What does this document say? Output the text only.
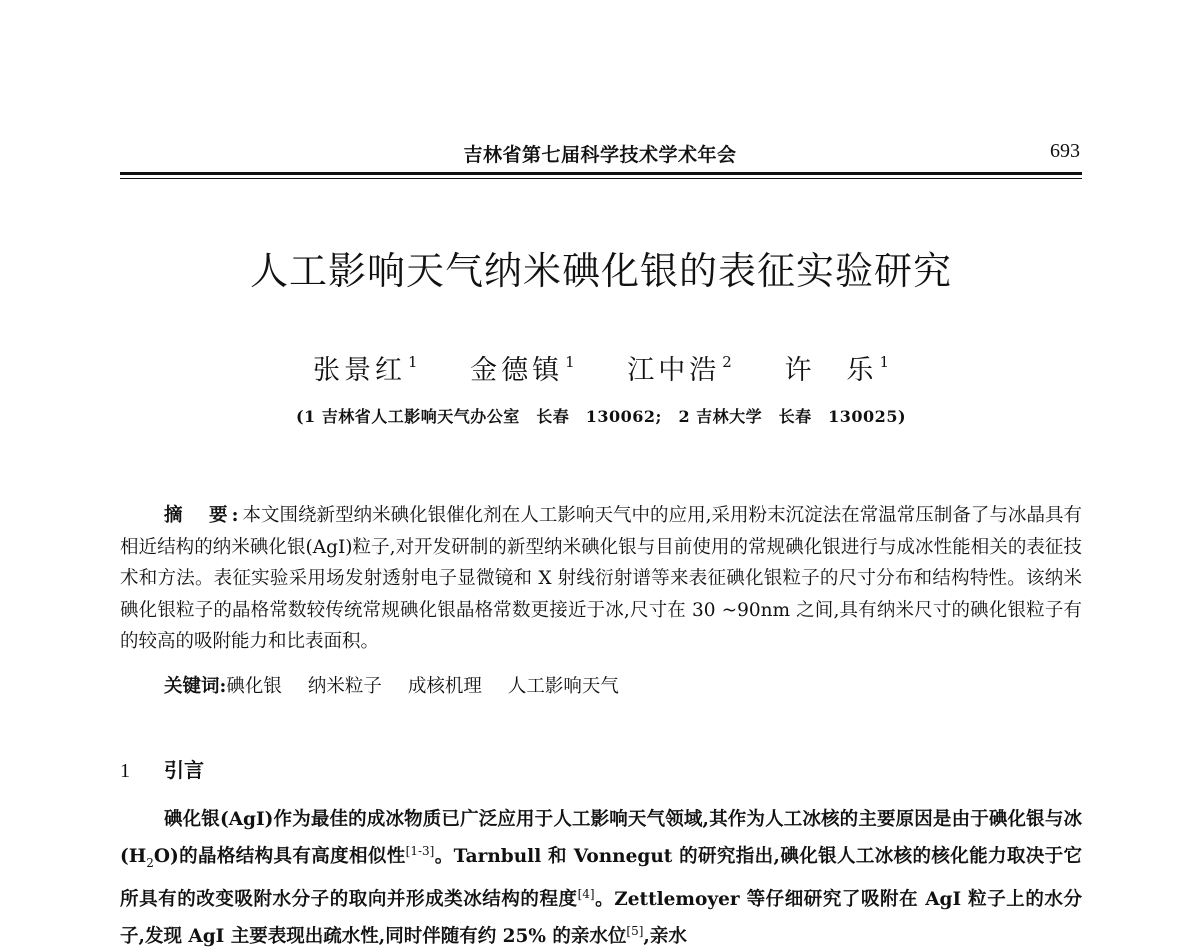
吉林省第七届科学技术学术年会	693
人工影响天气纳米碘化银的表征实验研究
张景红 $^1$ 金德镇 $^1$ 江中浩 $^2$ 许　乐 $^1$
(1 吉林省人工影响天气办公室　长春　130062;　2 吉林大学　长春　130025)
摘　要:本文围绕新型纳米碘化银催化剂在人工影响天气中的应用,采用粉末沉淀法在常温常压制备了与冰晶具有相近结构的纳米碘化银(AgI)粒子,对开发研制的新型纳米碘化银与目前使用的常规碘化银进行与成冰性能相关的表征技术和方法。表征实验采用场发射透射电子显微镜和 X 射线衍射谱等来表征碘化银粒子的尺寸分布和结构特性。该纳米碘化银粒子的晶格常数较传统常规碘化银晶格常数更接近于冰,尺寸在 30 ~90nm 之间,具有纳米尺寸的碘化银粒子有的较高的吸附能力和比表面积。
关键词:碘化银 纳米粒子 成核机理 人工影响天气
1 引言
碘化银(AgI)作为最佳的成冰物质已广泛应用于人工影响天气领域,其作为人工冰核的主要原因是由于碘化银与冰$(H_2O)$的晶格结构具有高度相似性[1-3]。Tarnbull 和 Vonnegut 的研究指出,碘化银人工冰核的核化能力取决于它所具有的改变吸附水分子的取向并形成类冰结构的程度[4]。Zettlemoyer 等仔细研究了吸附在 AgI 粒子上的水分子,发现 AgI 主要表现出疏水性,同时伴随有约 25% 的亲水位[5],亲水
